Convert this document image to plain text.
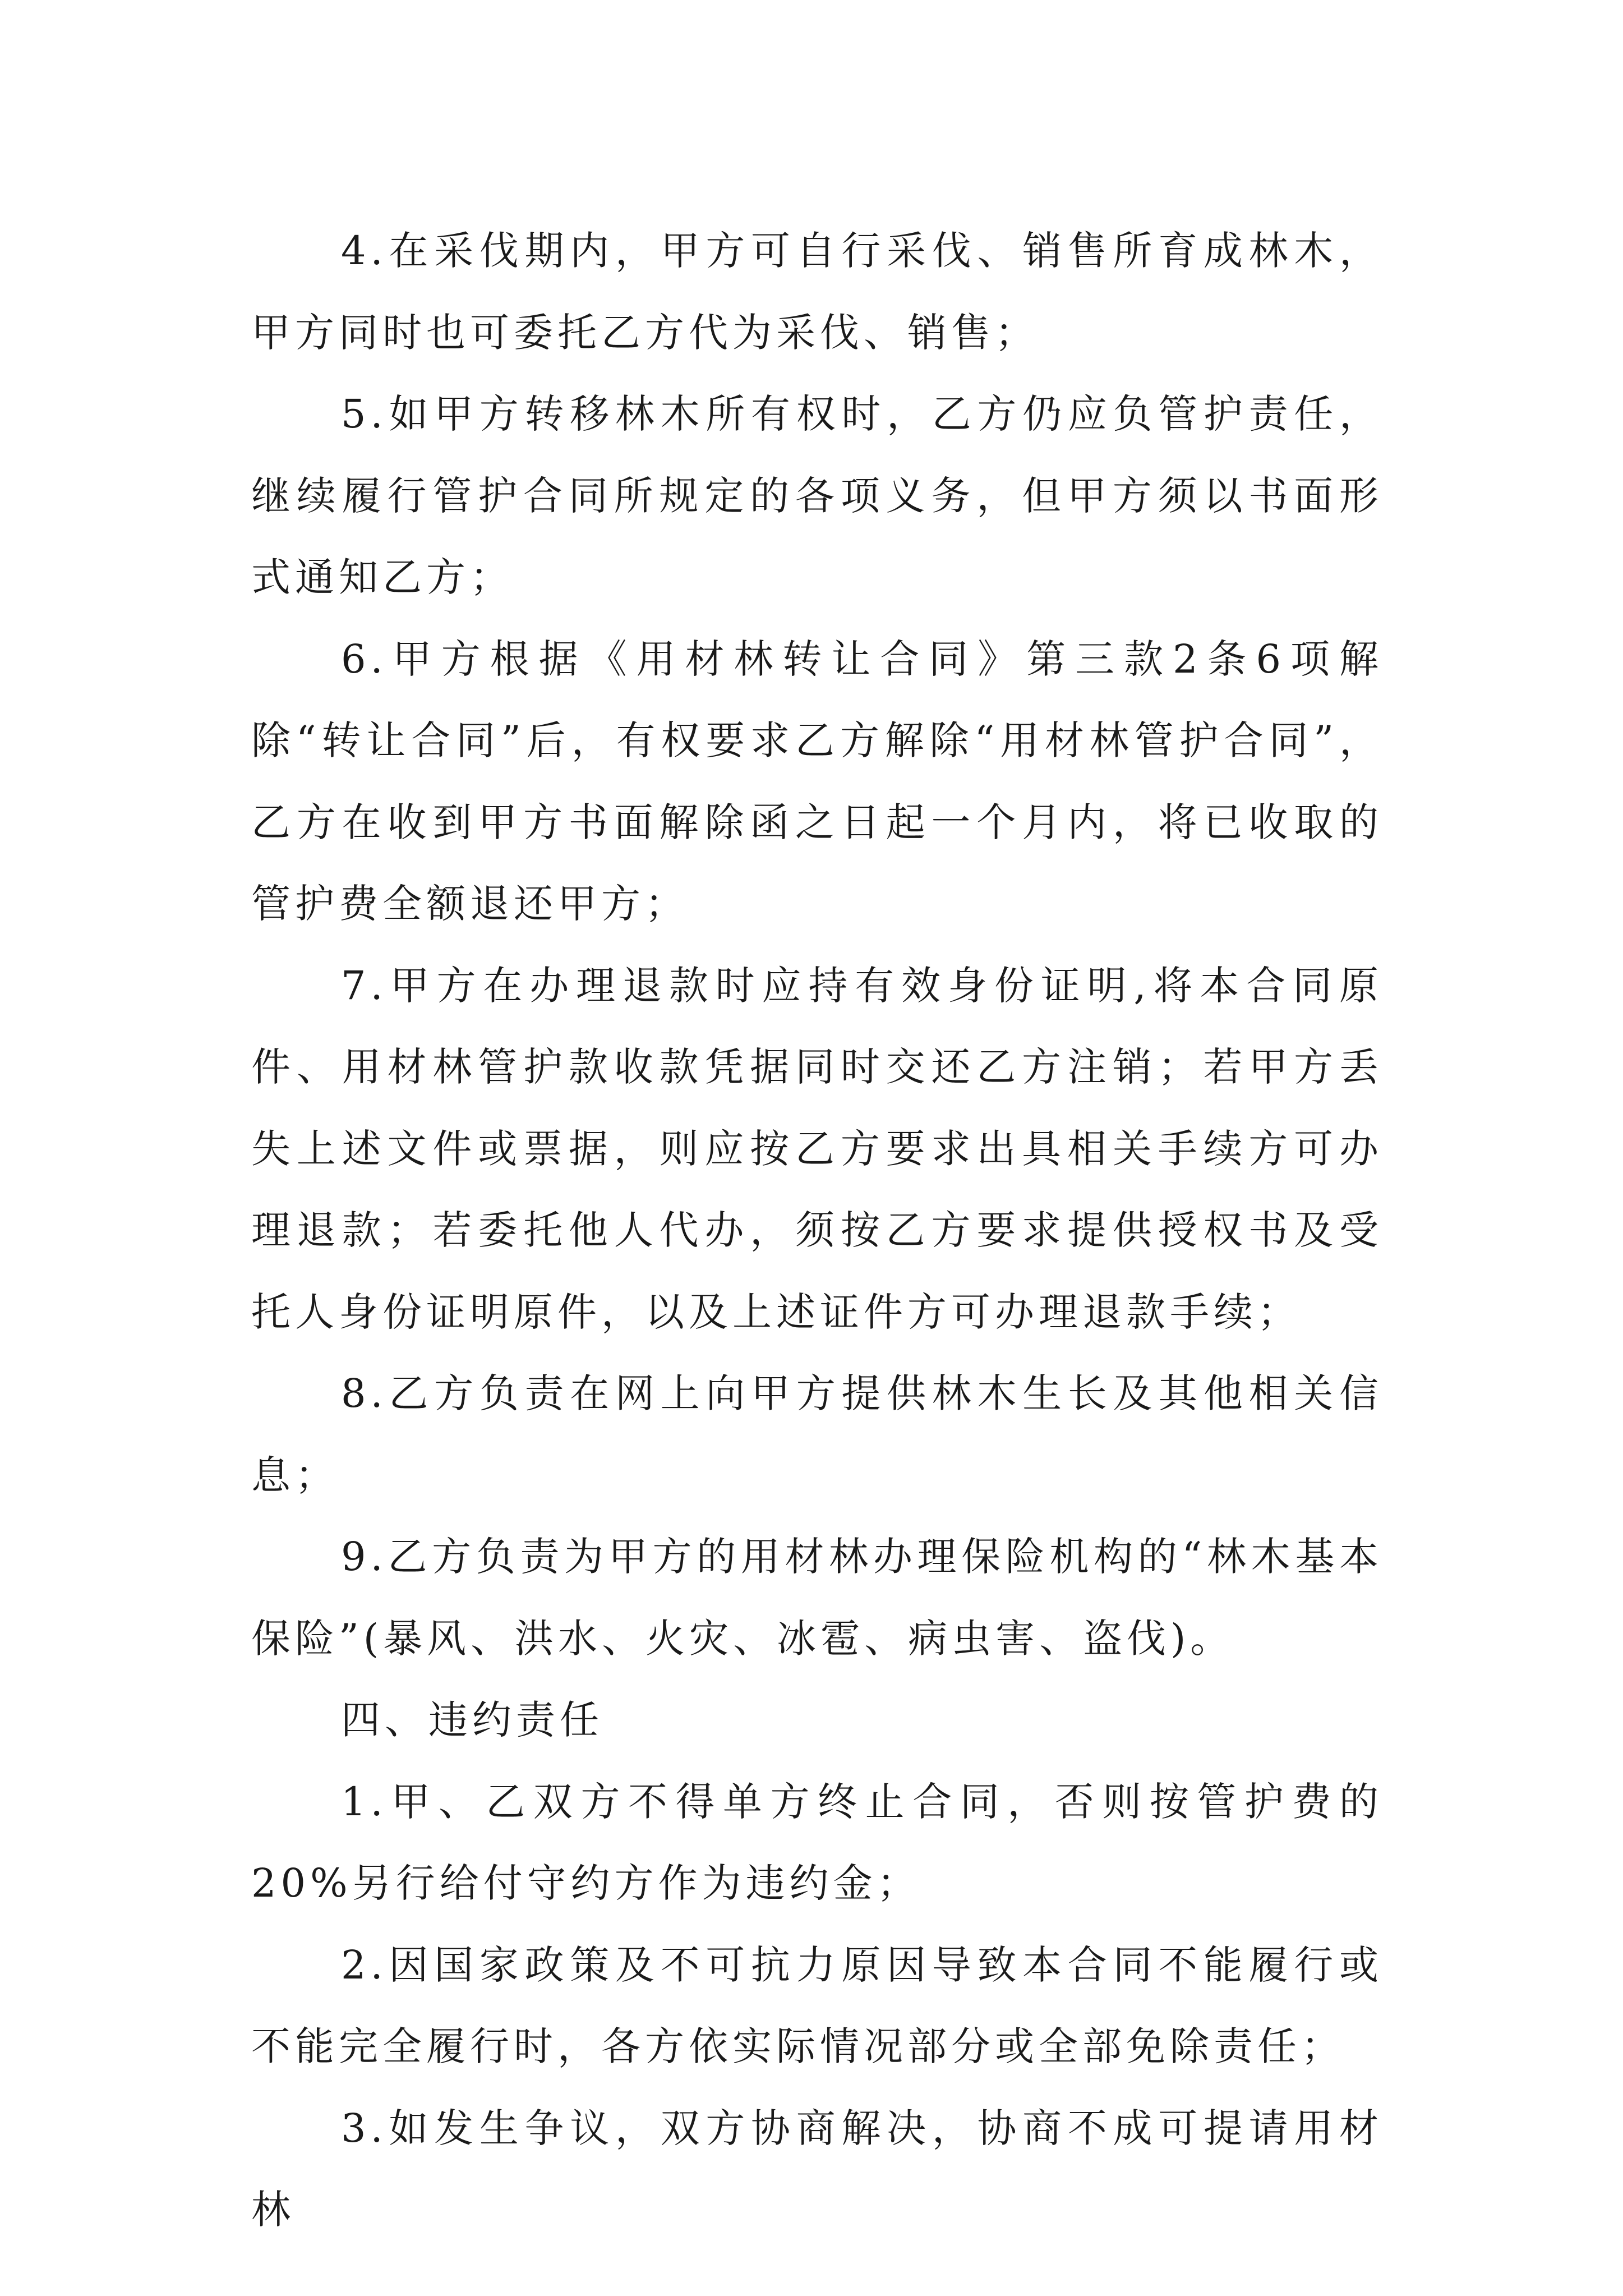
4.在采伐期内，甲方可自行采伐、销售所育成林木，甲方同时也可委托乙方代为采伐、销售；

5.如甲方转移林木所有权时，乙方仍应负管护责任，继续履行管护合同所规定的各项义务，但甲方须以书面形式通知乙方；

6.甲方根据《用材林转让合同》第三款2条6项解除“转让合同”后，有权要求乙方解除“用材林管护合同”，乙方在收到甲方书面解除函之日起一个月内，将已收取的管护费全额退还甲方；

7.甲方在办理退款时应持有效身份证明,将本合同原件、用材林管护款收款凭据同时交还乙方注销；若甲方丢失上述文件或票据，则应按乙方要求出具相关手续方可办理退款；若委托他人代办，须按乙方要求提供授权书及受托人身份证明原件，以及上述证件方可办理退款手续；

8.乙方负责在网上向甲方提供林木生长及其他相关信息；

9.乙方负责为甲方的用材林办理保险机构的“林木基本保险”(暴风、洪水、火灾、冰雹、病虫害、盗伐)。

四、违约责任

1.甲、乙双方不得单方终止合同，否则按管护费的20%另行给付守约方作为违约金；

2.因国家政策及不可抗力原因导致本合同不能履行或不能完全履行时，各方依实际情况部分或全部免除责任；

3.如发生争议，双方协商解决，协商不成可提请用材林
